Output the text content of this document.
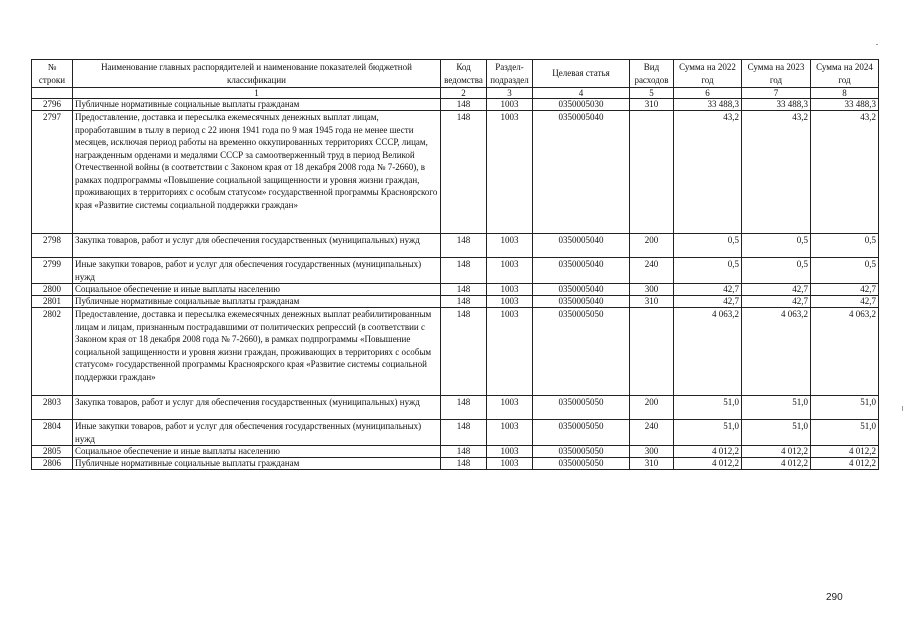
№ строки	Наименование главных распорядителей и наименование показателей бюджетной классификации	Код ведомства	Раздел-подраздел	Целевая статья	Вид расходов	Сумма на 2022 год	Сумма на 2023 год	Сумма на 2024 год
	1	2	3	4	5	6	7	8
2796	Публичные нормативные социальные выплаты гражданам	148	1003	0350005030	310	33 488,3	33 488,3	33 488,3
2797	Предоставление, доставка и пересылка ежемесячных денежных выплат лицам, проработавшим в тылу в период с 22 июня 1941 года по 9 мая 1945 года не менее шести месяцев, исключая период работы на временно оккупированных территориях СССР, лицам, награжденным орденами и медалями СССР за самоотверженный труд в период Великой Отечественной войны (в соответствии с Законом края от 18 декабря 2008 года № 7-2660), в рамках подпрограммы «Повышение социальной защищенности и уровня жизни граждан, проживающих в территориях с особым статусом» государственной программы Красноярского края «Развитие системы социальной поддержки граждан»	148	1003	0350005040		43,2	43,2	43,2
2798	Закупка товаров, работ и услуг для обеспечения государственных (муниципальных) нужд	148	1003	0350005040	200	0,5	0,5	0,5
2799	Иные закупки товаров, работ и услуг для обеспечения государственных (муниципальных) нужд	148	1003	0350005040	240	0,5	0,5	0,5
2800	Социальное обеспечение и иные выплаты населению	148	1003	0350005040	300	42,7	42,7	42,7
2801	Публичные нормативные социальные выплаты гражданам	148	1003	0350005040	310	42,7	42,7	42,7
2802	Предоставление, доставка и пересылка ежемесячных денежных выплат реабилитированным лицам и лицам, признанным пострадавшими от политических репрессий (в соответствии с Законом края от 18 декабря 2008 года № 7-2660), в рамках подпрограммы «Повышение социальной защищенности и уровня жизни граждан, проживающих в территориях с особым статусом» государственной программы Красноярского края «Развитие системы социальной поддержки граждан»	148	1003	0350005050		4 063,2	4 063,2	4 063,2
2803	Закупка товаров, работ и услуг для обеспечения государственных (муниципальных) нужд	148	1003	0350005050	200	51,0	51,0	51,0
2804	Иные закупки товаров, работ и услуг для обеспечения государственных (муниципальных) нужд	148	1003	0350005050	240	51,0	51,0	51,0
2805	Социальное обеспечение и иные выплаты населению	148	1003	0350005050	300	4 012,2	4 012,2	4 012,2
2806	Публичные нормативные социальные выплаты гражданам	148	1003	0350005050	310	4 012,2	4 012,2	4 012,2
290
